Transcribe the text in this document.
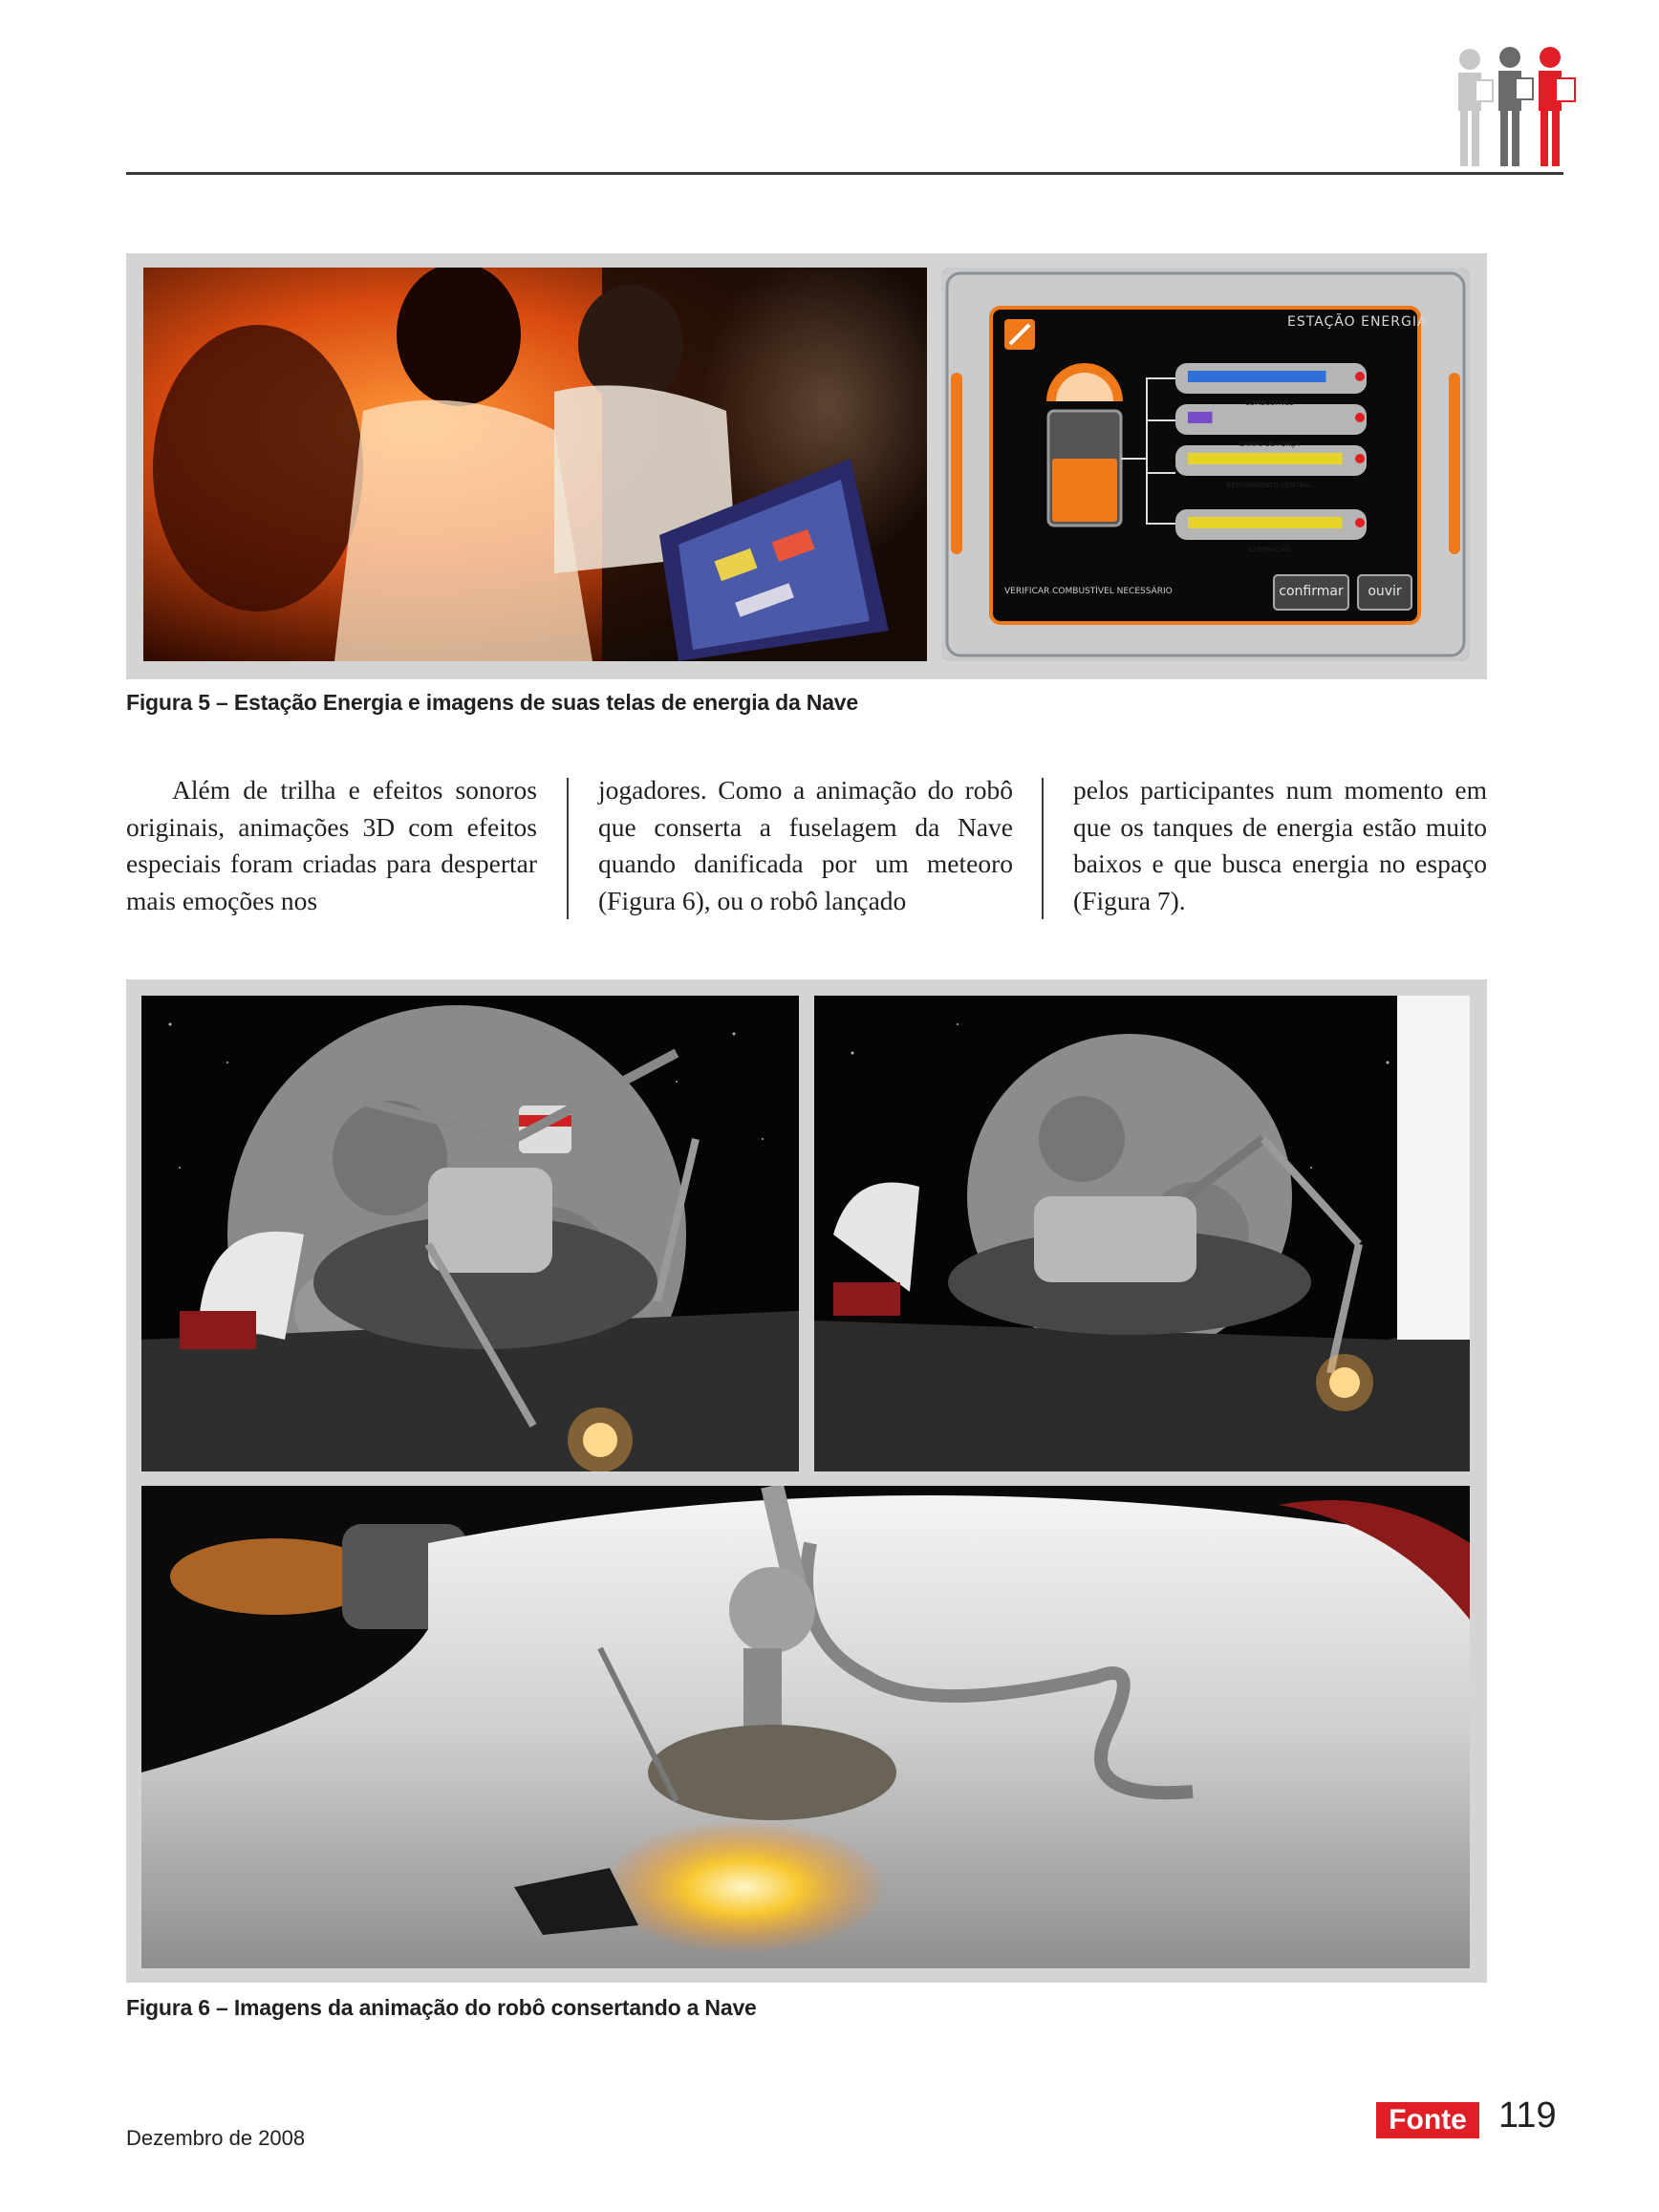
ESTAÇÃO ENERGIA
COMBUSTÍVEL
CAMPO DE FORÇA
RESFRIAMENTO CENTRAL
ILUMINAÇÃO
VERIFICAR COMBUSTÍVEL NECESSÁRIO	confirmar	ouvir
Figura 5 – Estação Energia e imagens de suas telas de energia da Nave
Além de trilha e efeitos sonoros originais, animações 3D com efeitos especiais foram criadas para despertar mais emoções nos
jogadores. Como a animação do robô que conserta a fuselagem da Nave quando danificada por um meteoro (Figura 6), ou o robô lançado
pelos participantes num momento em que os tanques de energia estão muito baixos e que busca energia no espaço (Figura 7).
Figura 6 – Imagens da animação do robô consertando a Nave
Dezembro de 2008
Fonte 119
